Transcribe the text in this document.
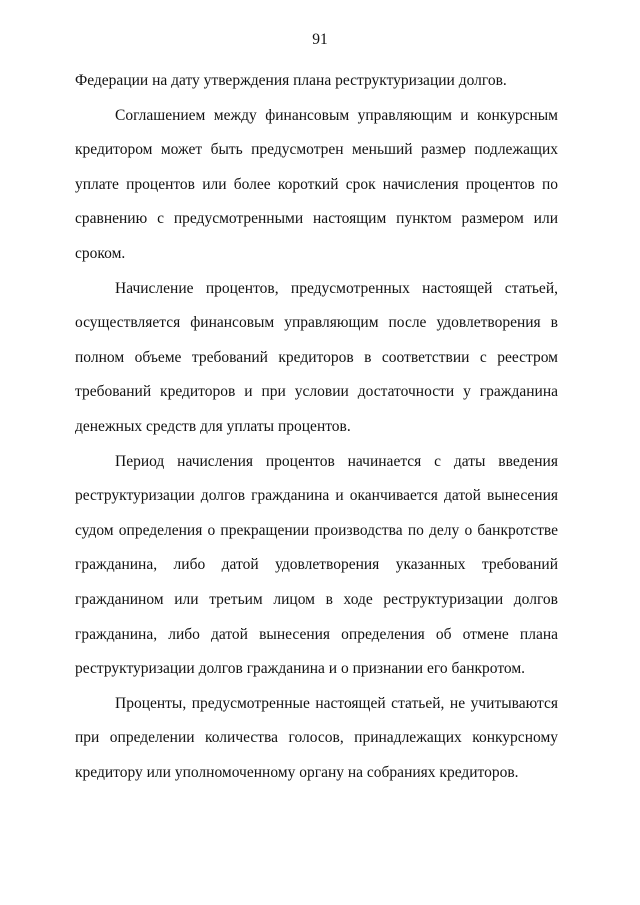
91

Федерации на дату утверждения плана реструктуризации долгов.

Соглашением между финансовым управляющим и конкурсным кредитором может быть предусмотрен меньший размер подлежащих уплате процентов или более короткий срок начисления процентов по сравнению с предусмотренными настоящим пунктом размером или сроком.

Начисление процентов, предусмотренных настоящей статьей, осуществляется финансовым управляющим после удовлетворения в полном объеме требований кредиторов в соответствии с реестром требований кредиторов и при условии достаточности у гражданина денежных средств для уплаты процентов.

Период начисления процентов начинается с даты введения реструктуризации долгов гражданина и оканчивается датой вынесения судом определения о прекращении производства по делу о банкротстве гражданина, либо датой удовлетворения указанных требований гражданином или третьим лицом в ходе реструктуризации долгов гражданина, либо датой вынесения определения об отмене плана реструктуризации долгов гражданина и о признании его банкротом.

Проценты, предусмотренные настоящей статьей, не учитываются при определении количества голосов, принадлежащих конкурсному кредитору или уполномоченному органу на собраниях кредиторов.
